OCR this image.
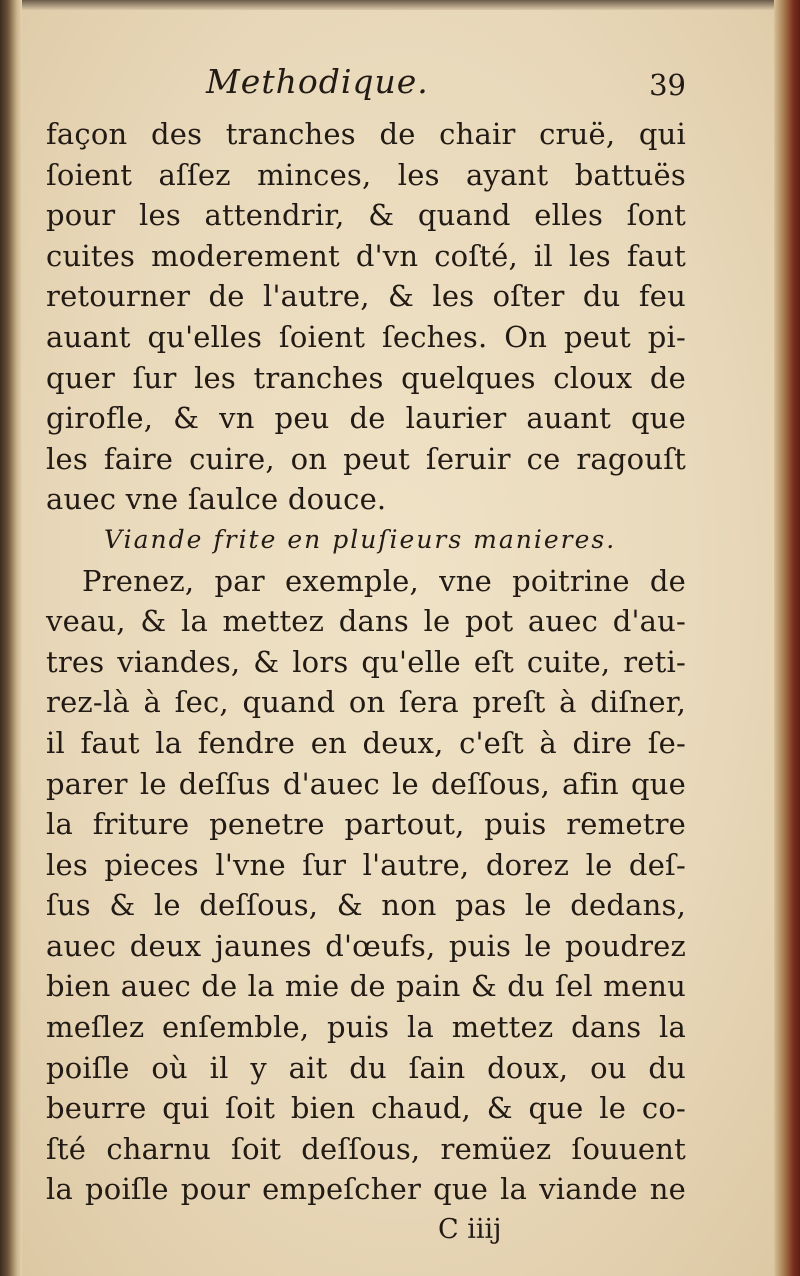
Methodique.	39
façon des tranches de chair cruë, qui
ſoient aſſez minces, les ayant battuës
pour les attendrir, & quand elles ſont
cuites moderement d'vn coſté, il les faut
retourner de l'autre, & les oſter du feu
auant qu'elles ſoient ſeches. On peut pi-
quer ſur les tranches quelques cloux de
girofle, & vn peu de laurier auant que
les faire cuire, on peut ſeruir ce ragouſt
auec vne ſaulce douce.
Viande frite en pluſieurs manieres.
Prenez, par exemple, vne poitrine de
veau, & la mettez dans le pot auec d'au-
tres viandes, & lors qu'elle eſt cuite, reti-
rez-là à ſec, quand on ſera preſt à diſner,
il faut la fendre en deux, c'eſt à dire ſe-
parer le deſſus d'auec le deſſous, afin que
la friture penetre partout, puis remetre
les pieces l'vne ſur l'autre, dorez le deſ-
ſus & le deſſous, & non pas le dedans,
auec deux jaunes d'œufs, puis le poudrez
bien auec de la mie de pain & du ſel menu
meſlez enſemble, puis la mettez dans la
poiſle où il y ait du ſain doux, ou du
beurre qui ſoit bien chaud, & que le co-
ſté charnu ſoit deſſous, remüez ſouuent
la poiſle pour empeſcher que la viande ne
C iiij
